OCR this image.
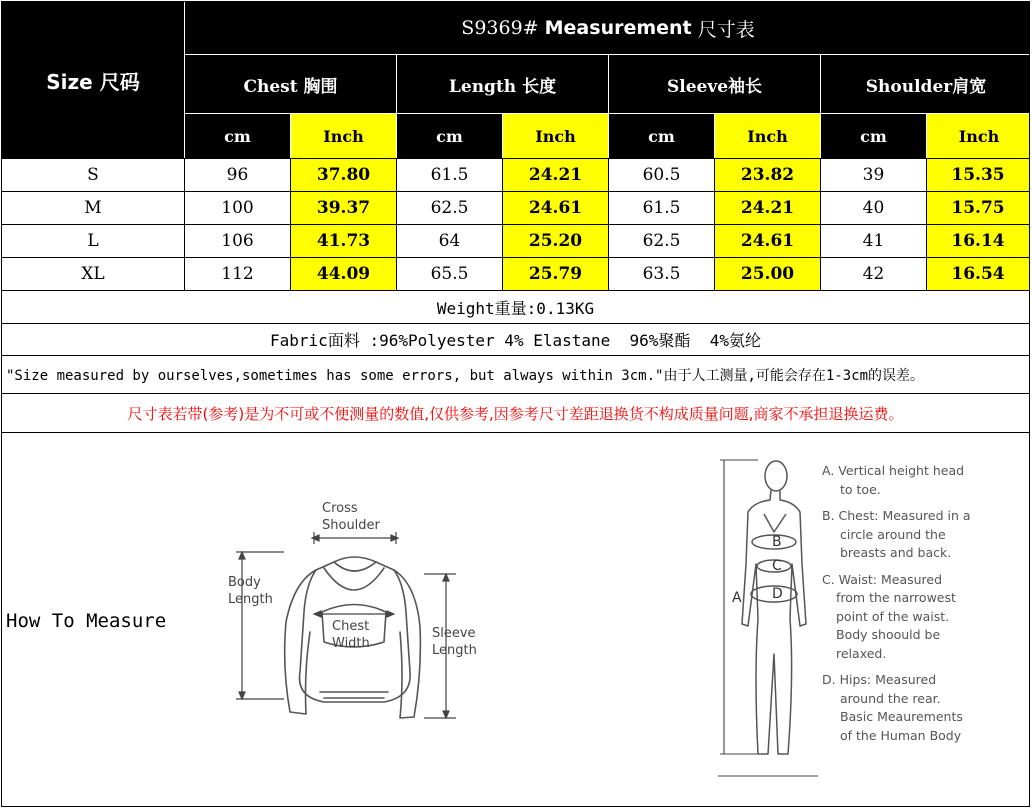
Size 尺码
S9369#
Measurement
尺寸表
Chest 胸围	Length 长度	Sleeve袖长	Shoulder肩宽
cm	Inch	cm	Inch	cm	Inch	cm	Inch
S	96	37.80	61.5	24.21	60.5	23.82	39	15.35
M	100	39.37	62.5	24.61	61.5	24.21	40	15.75
L	106	41.73	64	25.20	62.5	24.61	41	16.14
XL	112	44.09	65.5	25.79	63.5	25.00	42	16.54
Weight重量:0.13KG
Fabric面料 :96%Polyester 4% Elastane  96%聚酯  4%氨纶
"Size measured by ourselves,sometimes has some errors, but always within 3cm."由于人工测量,可能会存在1-3cm的误差。
尺寸表若带(参考)是为不可或不便测量的数值,仅供参考,因参考尺寸差距退换货不构成质量问题,商家不承担退换运费。
How To Measure
Cross
Shoulder
Body
Length
Chest
Width
Sleeve
Length
A
B
C
D
A. Vertical height head
to toe.
B. Chest: Measured in a
circle around the
breasts and back.
C. Waist: Measured
from the narrowest
point of the waist.
Body shoould be
relaxed.
D. Hips: Measured
around the rear.
Basic Meaurements
of the Human Body
